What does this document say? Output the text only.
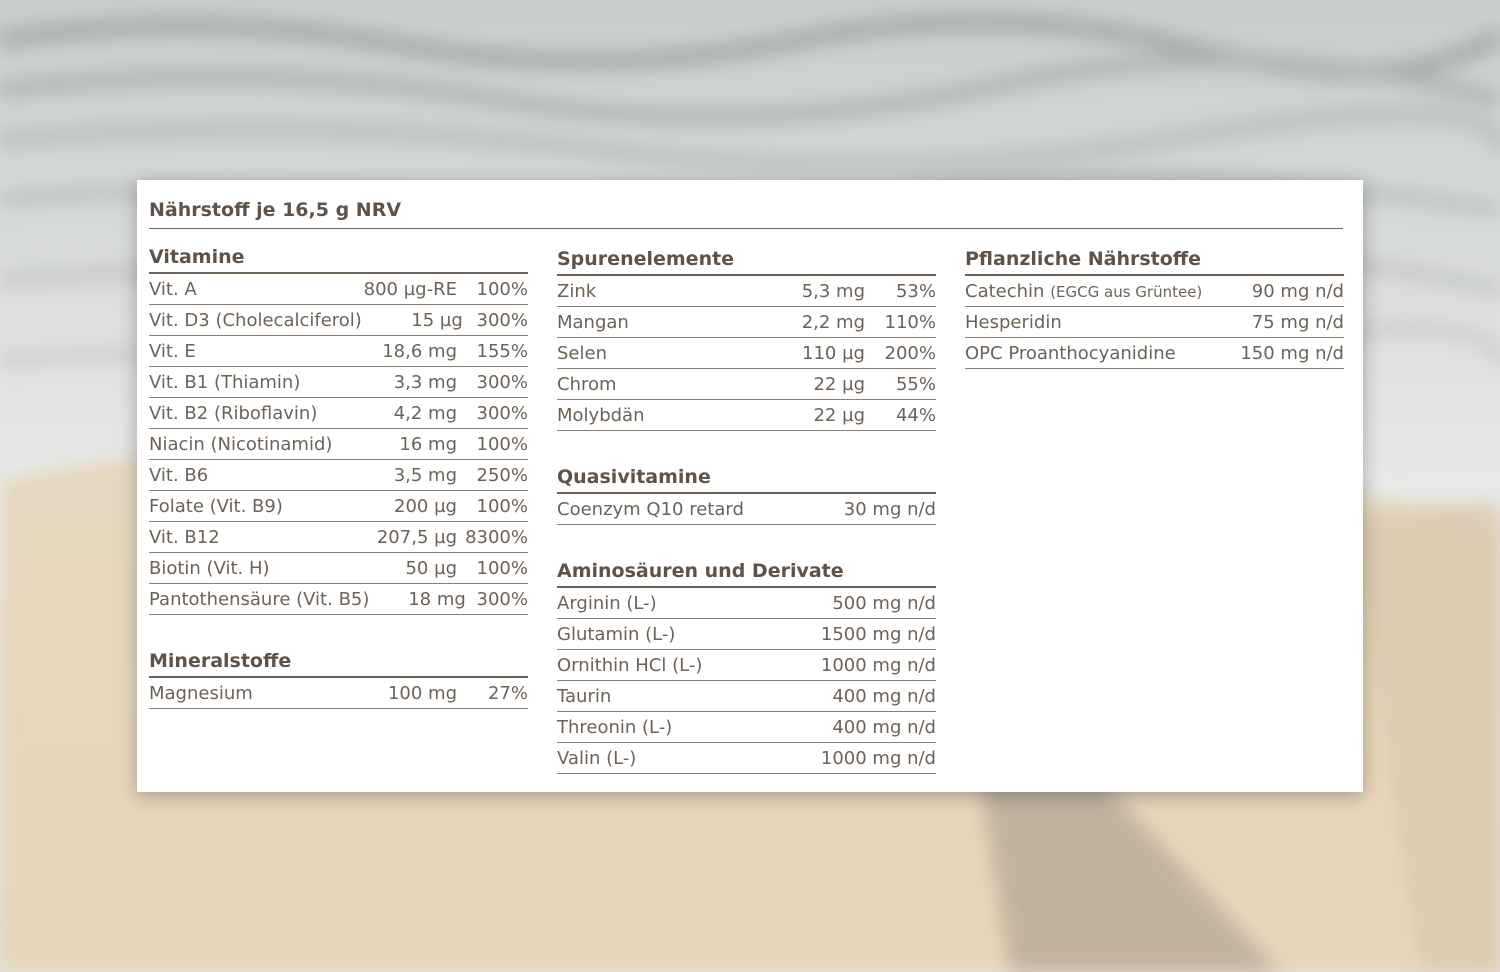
Nährstoff je 16,5 g NRV
Vitamine
Vit. A	800 µg-RE	100%
Vit. D3 (Cholecalciferol)	15 µg 300%
Vit. E	18,6 mg	155%
Vit. B1 (Thiamin)	3,3 mg	300%
Vit. B2 (Riboflavin)	4,2 mg	300%
Niacin (Nicotinamid)	16 mg	100%
Vit. B6	3,5 mg	250%
Folate (Vit. B9)	200 µg	100%
Vit. B12	207,5 µg 8300%
Biotin (Vit. H)	50 µg	100%
Pantothensäure (Vit. B5)	18 mg 300%
Mineralstoffe
Magnesium	100 mg	27%
Spurenelemente
Zink	5,3 mg	53%
Mangan	2,2 mg	110%
Selen	110 µg	200%
Chrom	22 µg	55%
Molybdän	22 µg	44%
Quasivitamine
Coenzym Q10 retard	30 mg n/d
Aminosäuren und Derivate
Arginin (L-)	500 mg n/d
Glutamin (L-)	1500 mg n/d
Ornithin HCl (L-)	1000 mg n/d
Taurin	400 mg n/d
Threonin (L-)	400 mg n/d
Valin (L-)	1000 mg n/d
Pflanzliche Nährstoffe
Catechin (EGCG aus Grüntee)	90 mg n/d
Hesperidin	75 mg n/d
OPC Proanthocyanidine	150 mg n/d
